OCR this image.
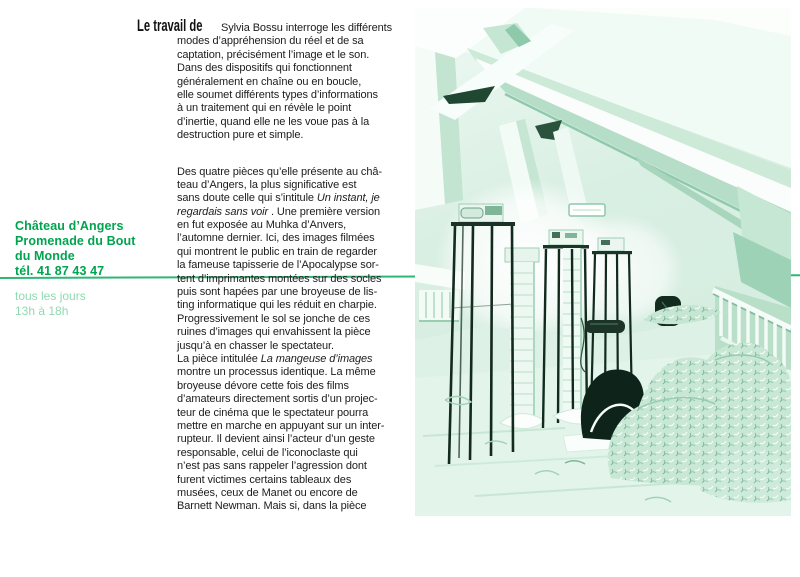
Château d’Angers
Promenade du Bout
du Monde
tél. 41 87 43 47
tous les jours
13h à 18h
Le travail de Sylvia Bossu interroge les différents
modes d’appréhension du réel et de sa
captation, précisément l’image et le son.
Dans des dispositifs qui fonctionnent
généralement en chaîne ou en boucle,
elle soumet différents types d’informations
à un traitement qui en révèle le point
d’inertie, quand elle ne les voue pas à la
destruction pure et simple.
Des quatre pièces qu’elle présente au châ-
teau d’Angers, la plus significative est
sans doute celle qui s’intitule Un instant, je
regardais sans voir . Une première version
en fut exposée au Muhka d’Anvers,
l’automne dernier. Ici, des images filmées
qui montrent le public en train de regarder
la fameuse tapisserie de l’Apocalypse sor-
tent d’imprimantes montées sur des socles
puis sont hapées par une broyeuse de lis-
ting informatique qui les réduit en charpie.
Progressivement le sol se jonche de ces
ruines d’images qui envahissent la pièce
jusqu’à en chasser le spectateur.
La pièce intitulée La mangeuse d’images
montre un processus identique. La même
broyeuse dévore cette fois des films
d’amateurs directement sortis d’un projec-
teur de cinéma que le spectateur pourra
mettre en marche en appuyant sur un inter-
rupteur. Il devient ainsi l’acteur d’un geste
responsable, celui de l’iconoclaste qui
n’est pas sans rappeler l’agression dont
furent victimes certains tableaux des
musées, ceux de Manet ou encore de
Barnett Newman. Mais si, dans la pièce
